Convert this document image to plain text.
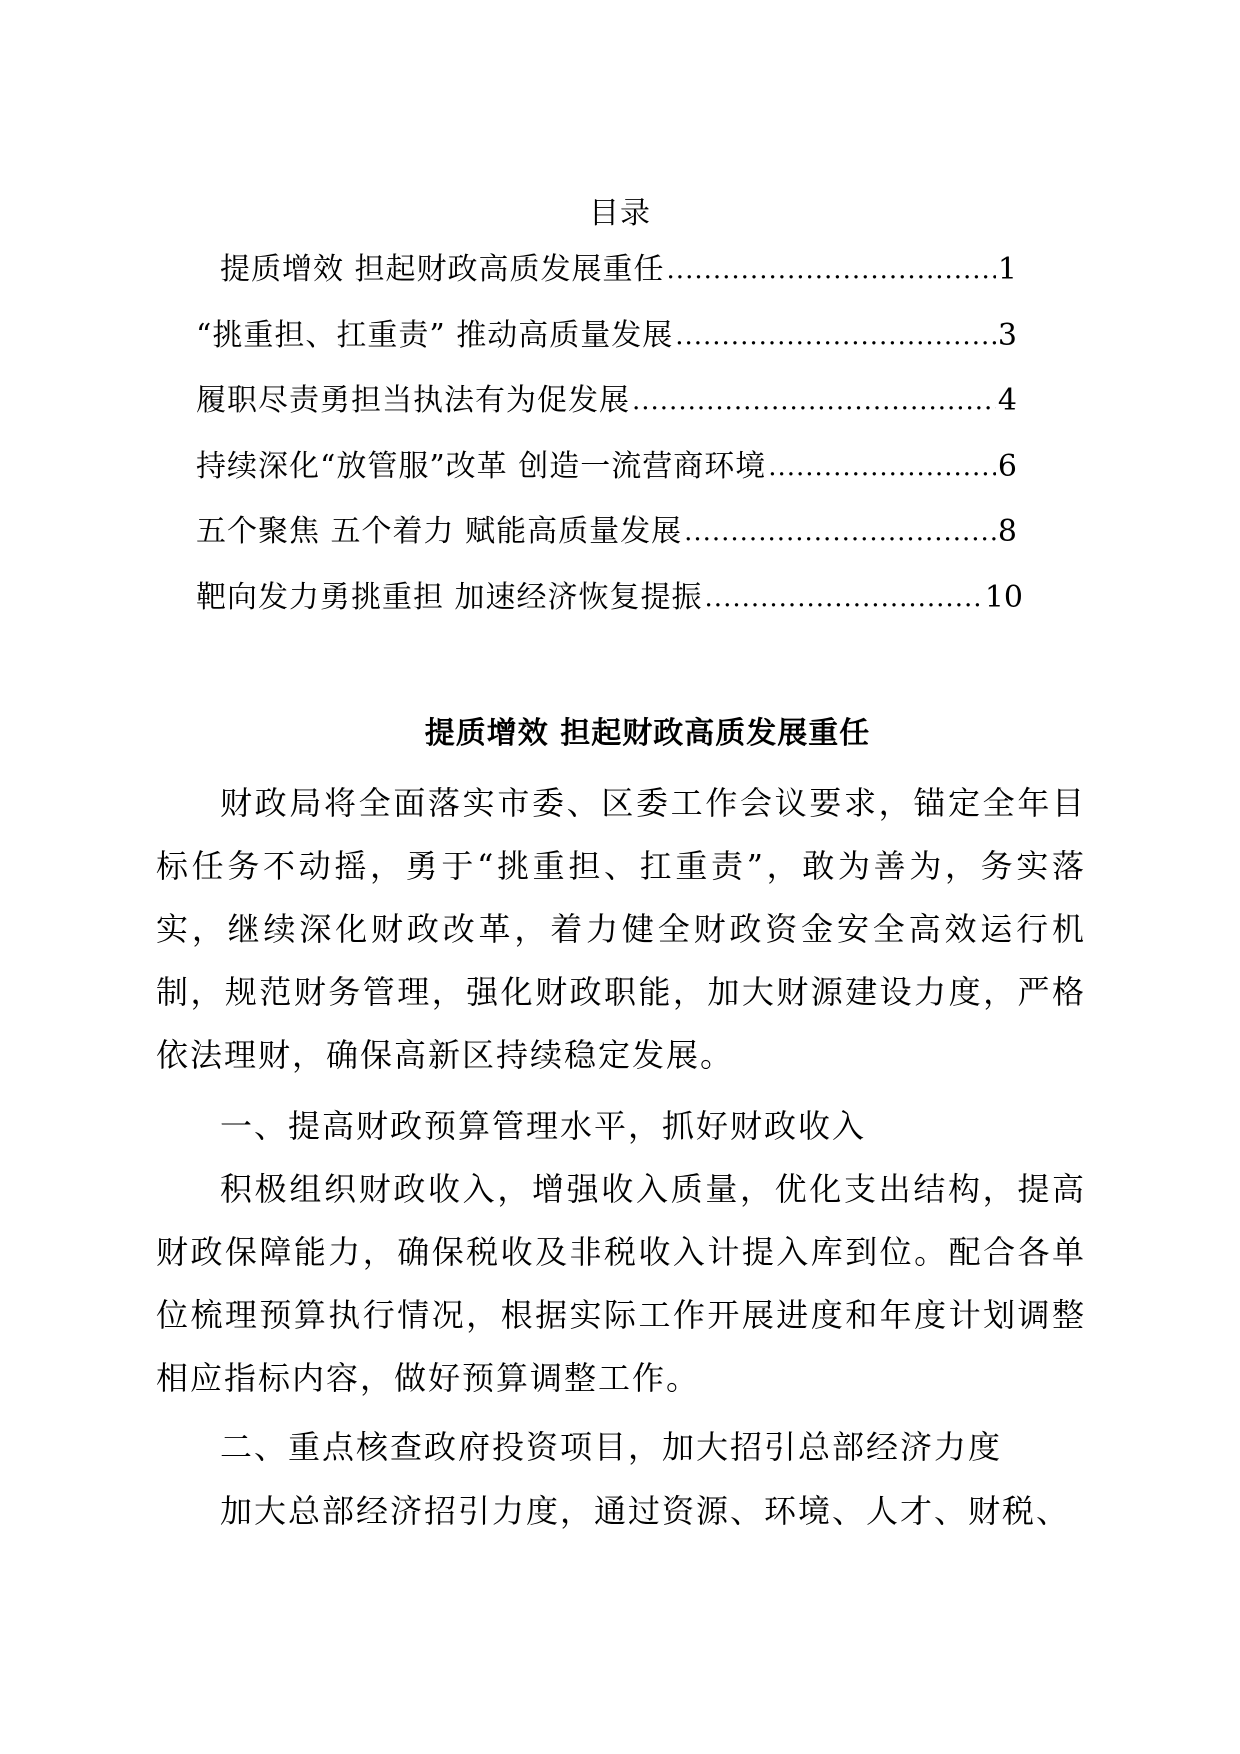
目录
提质增效 担起财政高质发展重任 .....	1
“挑重担、扛重责” 推动高质量发展 .....	3
履职尽责勇担当执法有为促发展 .....	4
持续深化“放管服”改革 创造一流营商环境 .....	6
五个聚焦 五个着力 赋能高质量发展 .....	8
靶向发力勇挑重担 加速经济恢复提振 .....	10
提质增效 担起财政高质发展重任
财政局将全面落实市委、区委工作会议要求，锚定全年目标任务不动摇，勇于“挑重担、扛重责”，敢为善为，务实落实，继续深化财政改革，着力健全财政资金安全高效运行机制，规范财务管理，强化财政职能，加大财源建设力度，严格依法理财，确保高新区持续稳定发展。
一、提高财政预算管理水平，抓好财政收入
积极组织财政收入，增强收入质量，优化支出结构，提高财政保障能力，确保税收及非税收入计提入库到位。配合各单位梳理预算执行情况，根据实际工作开展进度和年度计划调整相应指标内容，做好预算调整工作。
二、重点核查政府投资项目，加大招引总部经济力度
加大总部经济招引力度，通过资源、环境、人才、财税、
